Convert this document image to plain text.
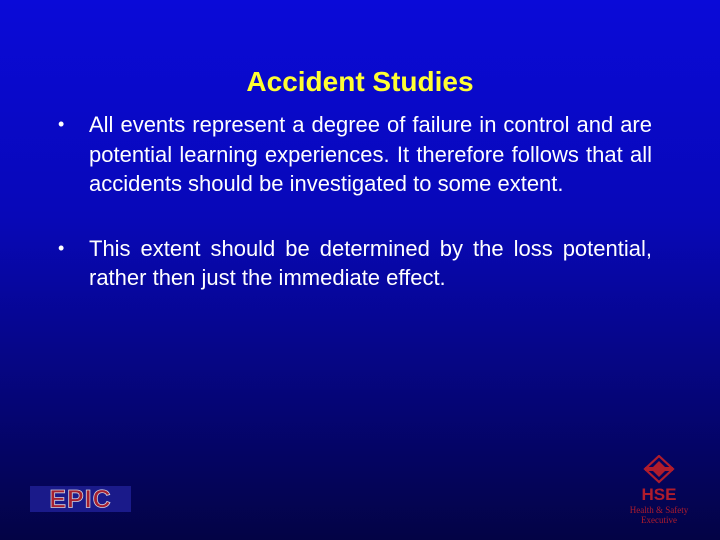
Accident Studies
• All events represent a degree of failure in control and are potential learning experiences. It therefore follows that all accidents should be investigated to some extent.
• This extent should be determined by the loss potential, rather then just the immediate effect.
EPIC	HSE
Health & Safety
Executive
